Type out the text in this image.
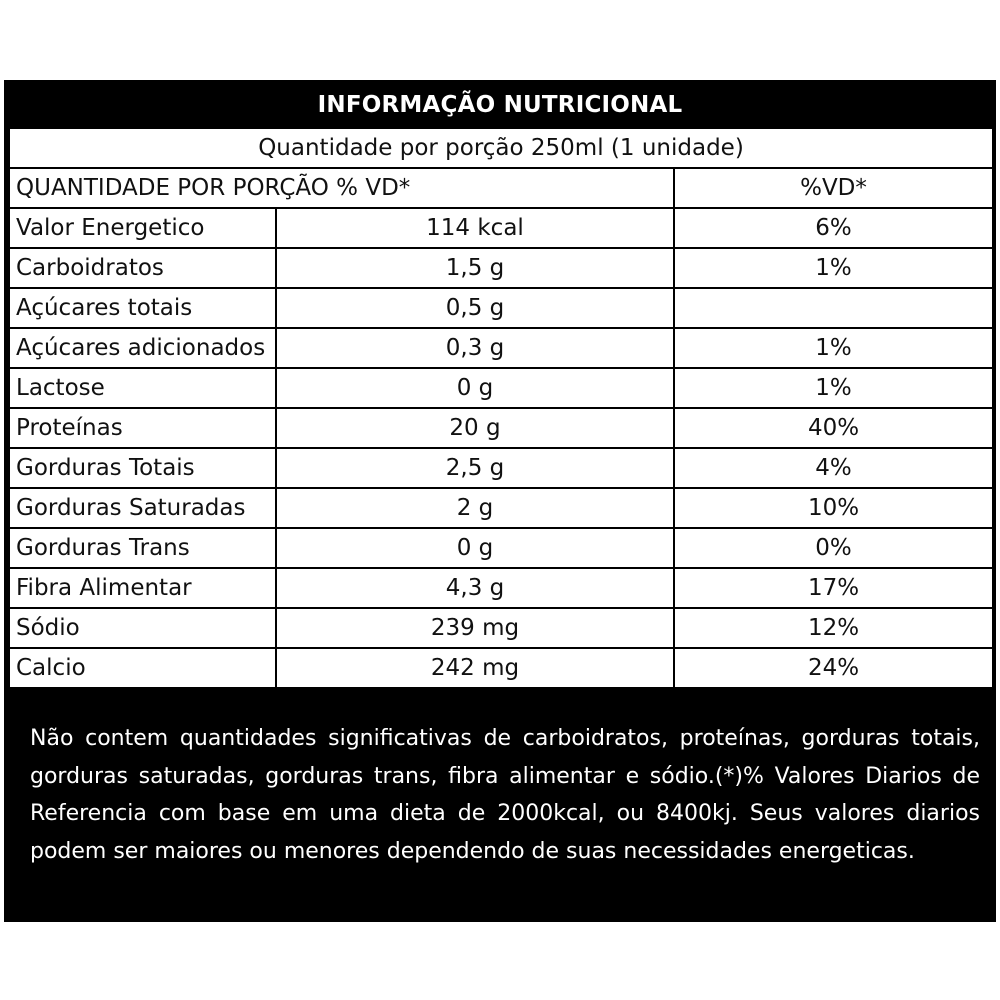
INFORMAÇÃO NUTRICIONAL
Quantidade por porção 250ml (1 unidade)		
QUANTIDADE POR PORÇÃO % VD*		%VD*
Valor Energetico	114 kcal	6%
Carboidratos	1,5 g	1%
Açúcares totais	0,5 g	
Açúcares adicionados	0,3 g	1%
Lactose	0 g	1%
Proteínas	20 g	40%
Gorduras Totais	2,5 g	4%
Gorduras Saturadas	2 g	10%
Gorduras Trans	0 g	0%
Fibra Alimentar	4,3 g	17%
Sódio	239 mg	12%
Calcio	242 mg	24%
Não contem quantidades significativas de carboidratos, proteínas, gorduras totais, gorduras saturadas, gorduras trans, fibra alimentar e sódio.(*)% Valores Diarios de Referencia com base em uma dieta de 2000kcal, ou 8400kj. Seus valores diarios podem ser maiores ou menores dependendo de suas necessidades energeticas.
